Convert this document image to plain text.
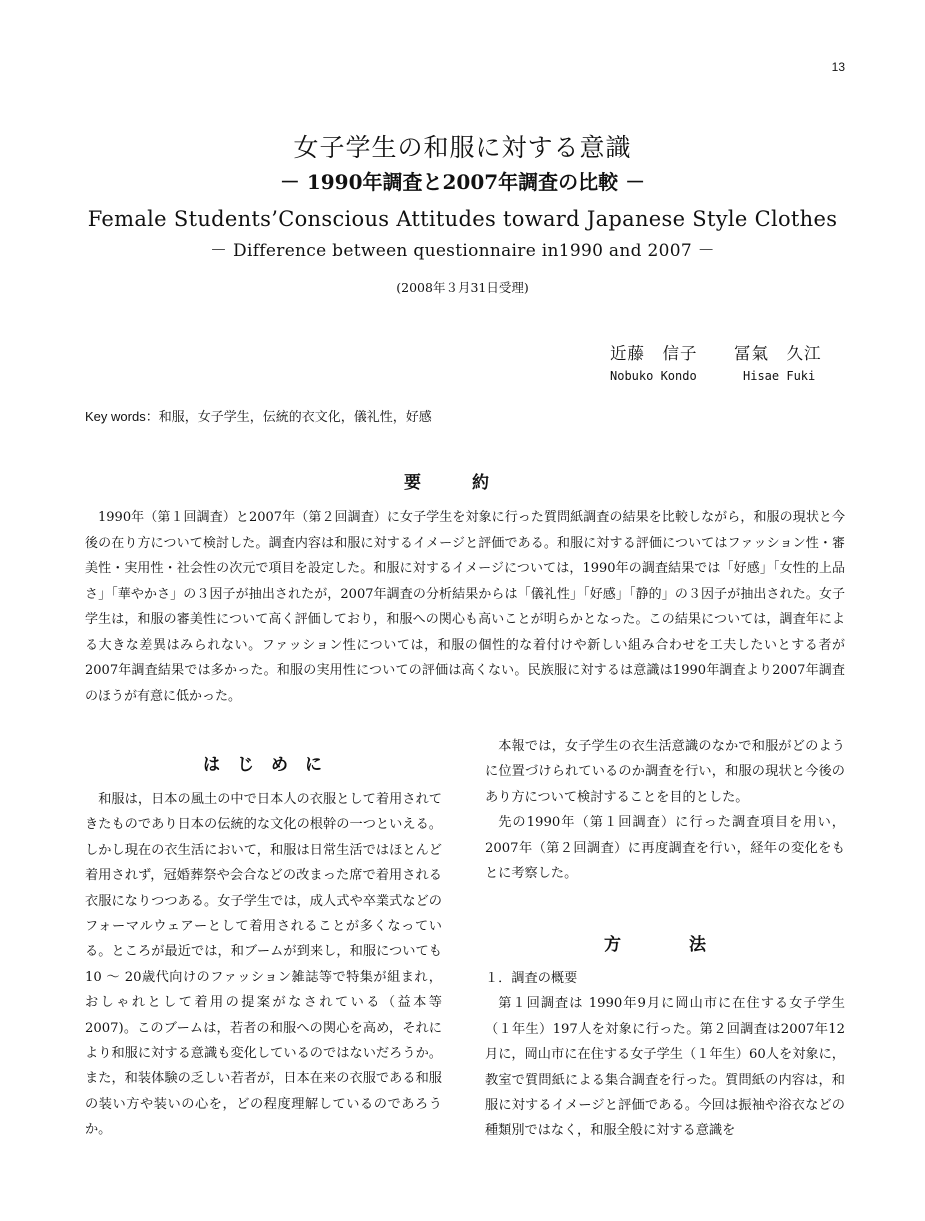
13
女子学生の和服に対する意識
－ 1990年調査と2007年調査の比較 －
Female Students’Conscious Attitudes toward Japanese Style Clothes
－ Difference between questionnaire in1990 and 2007 －
(2008年３月31日受理)
近藤　信子
Nobuko Kondo
冨氣　久江
Hisae Fuki
Key words：和服，女子学生，伝統的衣文化，儀礼性，好感
要　　　約
1990年（第１回調査）と2007年（第２回調査）に女子学生を対象に行った質問紙調査の結果を比較しながら，和服の現状と今後の在り方について検討した。調査内容は和服に対するイメージと評価である。和服に対する評価についてはファッション性・審美性・実用性・社会性の次元で項目を設定した。和服に対するイメージについては，1990年の調査結果では「好感」「女性的上品さ」「華やかさ」の３因子が抽出されたが，2007年調査の分析結果からは「儀礼性」「好感」「静的」の３因子が抽出された。女子学生は，和服の審美性について高く評価しており，和服への関心も高いことが明らかとなった。この結果については，調査年による大きな差異はみられない。ファッション性については，和服の個性的な着付けや新しい組み合わせを工夫したいとする者が2007年調査結果では多かった。和服の実用性についての評価は高くない。民族服に対するは意識は1990年調査より2007年調査のほうが有意に低かった。
は　じ　め　に

和服は，日本の風土の中で日本人の衣服として着用されてきたものであり日本の伝統的な文化の根幹の一つといえる。しかし現在の衣生活において，和服は日常生活ではほとんど着用されず，冠婚葬祭や会合などの改まった席で着用される衣服になりつつある。女子学生では，成人式や卒業式などのフォーマルウェアーとして着用されることが多くなっている。ところが最近では，和ブームが到来し，和服についても10 ～ 20歳代向けのファッション雑誌等で特集が組まれ，おしゃれとして着用の提案がなされている（益本等 2007)。このブームは，若者の和服への関心を高め，それにより和服に対する意識も変化しているのではないだろうか。また，和装体験の乏しい若者が，日本在来の衣服である和服の装い方や装いの心を，どの程度理解しているのであろうか。

本報では，女子学生の衣生活意識のなかで和服がどのように位置づけられているのか調査を行い，和服の現状と今後のあり方について検討することを目的とした。

先の1990年（第１回調査）に行った調査項目を用い，2007年（第２回調査）に再度調査を行い，経年の変化をもとに考察した。

方　　　　法
１．調査の概要

第１回調査は 1990年9月に岡山市に在住する女子学生（１年生）197人を対象に行った。第２回調査は2007年12月に，岡山市に在住する女子学生（１年生）60人を対象に，教室で質問紙による集合調査を行った。質問紙の内容は，和服に対するイメージと評価である。今回は振袖や浴衣などの種類別ではなく，和服全般に対する意識を
